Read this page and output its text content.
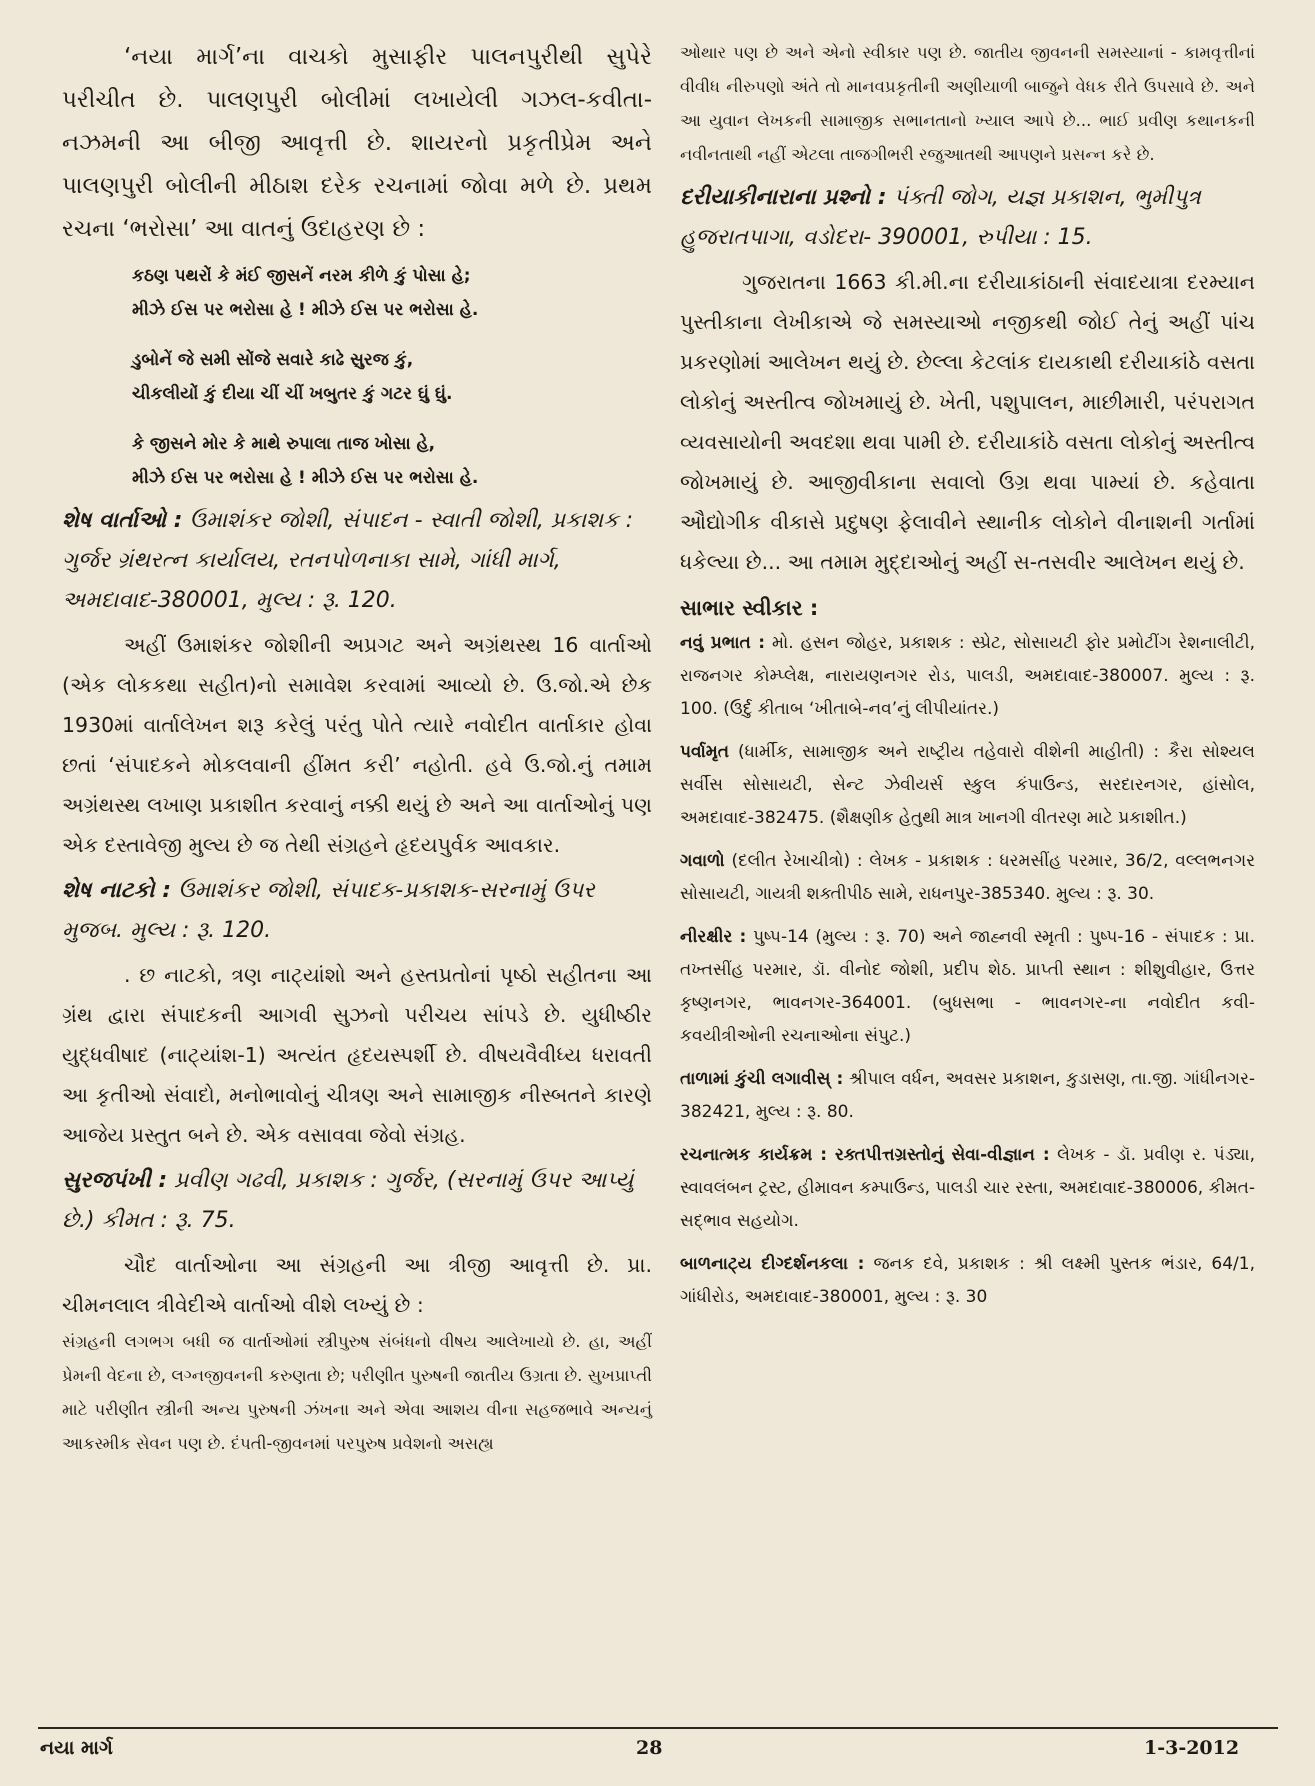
‘નયા માર્ગ’ના વાચકો મુસાફીર પાલનપુરીથી સુપેરે પરીચીત છે. પાલણપુરી બોલીમાં લખાયેલી ગઝલ-કવીતા-નઝમની આ બીજી આવૃત્તી છે. શાયરનો પ્રકૃતીપ્રેમ અને પાલણપુરી બોલીની મીઠાશ દરેક રચનામાં જોવા મળે છે. પ્રથમ રચના ‘ભરોસા’ આ વાતનું ઉદાહરણ છે :

કઠણ પથરોં કે મંઈ જીસનેં નરમ કીળે કું પોસા હે;
મીઝે ઈસ પર ભરોસા હે ! મીઝે ઈસ પર ભરોસા હે.
ડુબોનેં જે સમી સોંજે સવારે કાઢે સુરજ કું,
ચીકલીયોં કું દીયા ચીં ચીં ખબુતર કું ગટર ઘું ઘું.
કે જીસને મોર કે માથે રુપાલા તાજ ખોસા હે,
મીઝે ઈસ પર ભરોસા હે ! મીઝે ઈસ પર ભરોસા હે.

શેષ વાર્તાઓ : ઉમાશંકર જોશી, સંપાદન - સ્વાતી જોશી, પ્રકાશક : ગુર્જર ગ્રંથરત્ન કાર્યાલય, રતનપોળનાકા સામે, ગાંધી માર્ગ, અમદાવાદ-380001, મુલ્ય : રૂ. 120.

અહીં ઉમાશંકર જોશીની અપ્રગટ અને અગ્રંથસ્થ 16 વાર્તાઓ (એક લોકકથા સહીત)નો સમાવેશ કરવામાં આવ્યો છે. ઉ.જો.એ છેક 1930માં વાર્તાલેખન શરૂ કરેલું પરંતુ પોતે ત્યારે નવોદીત વાર્તાકાર હોવા છતાં ‘સંપાદકને મોકલવાની હીંમત કરી’ નહોતી. હવે ઉ.જો.નું તમામ અગ્રંથસ્થ લખાણ પ્રકાશીત કરવાનું નક્કી થયું છે અને આ વાર્તાઓનું પણ એક દસ્તાવેજી મુલ્ય છે જ તેથી સંગ્રહને હૃદયપુર્વક આવકાર.

શેષ નાટકો : ઉમાશંકર જોશી, સંપાદક-પ્રકાશક-સરનામું ઉપર મુજબ. મુલ્ય : રૂ. 120.

. છ નાટકો, ત્રણ નાટ્યાંશો અને હસ્તપ્રતોનાં પૃષ્ઠો સહીતના આ ગ્રંથ દ્વારા સંપાદકની આગવી સુઝનો પરીચય સાંપડે છે. યુધીષ્ઠીર યુદ્ધવીષાદ (નાટ્યાંશ-1) અત્યંત હૃદયસ્પર્શી છે. વીષયવૈવીધ્ય ધરાવતી આ કૃતીઓ સંવાદો, મનોભાવોનું ચીત્રણ અને સામાજીક નીસ્બતને કારણે આજેય પ્રસ્તુત બને છે. એક વસાવવા જેવો સંગ્રહ.

સુરજપંખી : પ્રવીણ ગઢવી, પ્રકાશક : ગુર્જર, (સરનામું ઉપર આપ્યું છે.) કીમત : રૂ. 75.

ચૌદ વાર્તાઓના આ સંગ્રહની આ ત્રીજી આવૃત્તી છે. પ્રા. ચીમનલાલ ત્રીવેદીએ વાર્તાઓ વીશે લખ્યું છે :

સંગ્રહની લગભગ બધી જ વાર્તાઓમાં સ્ત્રીપુરુષ સંબંધનો વીષય આલેખાયો છે. હા, અહીં પ્રેમની વેદના છે, લગ્નજીવનની કરુણતા છે; પરીણીત પુરુષની જાતીય ઉગ્રતા છે. સુખપ્રાપ્તી માટે પરીણીત સ્ત્રીની અન્ય પુરુષની ઝંખના અને એવા આશય વીના સહજભાવે અન્યનું આકસ્મીક સેવન પણ છે. દંપતી-જીવનમાં પરપુરુષ પ્રવેશનો અસહ્ય

ઓથાર પણ છે અને એનો સ્વીકાર પણ છે. જાતીય જીવનની સમસ્યાનાં - કામવૃત્તીનાં વીવીધ નીરુપણો અંતે તો માનવપ્રકૃતીની અણીયાળી બાજુને વેધક રીતે ઉપસાવે છે. અને આ યુવાન લેખકની સામાજીક સભાનતાનો ખ્યાલ આપે છે... ભાઈ પ્રવીણ કથાનકની નવીનતાથી નહીં એટલા તાજગીભરી રજુઆતથી આપણને પ્રસન્ન કરે છે.

દરીયાકીનારાના પ્રશ્નો : પંક્તી જોગ, યજ્ઞ પ્રકાશન, ભુમીપુત્ર હુજરાતપાગા, વડોદરા- 390001, રુપીયા : 15.

ગુજરાતના 1663 કી.મી.ના દરીયાકાંઠાની સંવાદયાત્રા દરમ્યાન પુસ્તીકાના લેખીકાએ જે સમસ્યાઓ નજીકથી જોઈ તેનું અહીં પાંચ પ્રકરણોમાં આલેખન થયું છે. છેલ્લા કેટલાંક દાયકાથી દરીયાકાંઠે વસતા લોકોનું અસ્તીત્વ જોખમાયું છે. ખેતી, પશુપાલન, માછીમારી, પરંપરાગત વ્યવસાયોની અવદશા થવા પામી છે. દરીયાકાંઠે વસતા લોકોનું અસ્તીત્વ જોખમાયું છે. આજીવીકાના સવાલો ઉગ્ર થવા પામ્યાં છે. કહેવાતા ઔદ્યોગીક વીકાસે પ્રદુષણ ફેલાવીને સ્થાનીક લોકોને વીનાશની ગર્તામાં ધકેલ્યા છે... આ તમામ મુદ્દાઓનું અહીં સ-તસવીર આલેખન થયું છે.

સાભાર સ્વીકાર :

નવું પ્રભાત : મો. હસન જોહર, પ્રકાશક : સ્પ્રેટ, સોસાયટી ફોર પ્રમોટીંગ રેશનાલીટી, રાજનગર કોમ્પ્લેક્ષ, નારાયણનગર રોડ, પાલડી, અમદાવાદ-380007. મુલ્ય : રૂ. 100. (ઉર્દુ કીતાબ ‘ખીતાબે-નવ’નું લીપીયાંતર.)

પર્વામૃત (ધાર્મીક, સામાજીક અને રાષ્ટ્રીય તહેવારો વીશેની માહીતી) : કૈરા સોશ્યલ સર્વીસ સોસાયટી, સેન્ટ ઝેવીયર્સ સ્કુલ કંપાઉન્ડ, સરદારનગર, હાંસોલ, અમદાવાદ-382475. (શૈક્ષણીક હેતુથી માત્ર ખાનગી વીતરણ માટે પ્રકાશીત.)

ગવાળો (દલીત રેખાચીત્રો) : લેખક - પ્રકાશક : ધરમસીંહ પરમાર, 36/2, વલ્લભનગર સોસાયટી, ગાયત્રી શક્તીપીઠ સામે, રાધનપુર-385340. મુલ્ય : રૂ. 30.

નીરક્ષીર : પુષ્પ-14 (મુલ્ય : રૂ. 70) અને જાહ્નવી સ્મૃતી : પુષ્પ-16 - સંપાદક : પ્રા. તખ્તસીંહ પરમાર, ડૉ. વીનોદ જોશી, પ્રદીપ શેઠ. પ્રાપ્તી સ્થાન : શીશુવીહાર, ઉત્તર કૃષ્ણનગર, ભાવનગર-364001. (બુધસભા - ભાવનગર-ના નવોદીત કવી-કવયીત્રીઓની રચનાઓના સંપુટ.)

તાળામાં કુંચી લગાવીસ્ : શ્રીપાલ વર્ધન, અવસર પ્રકાશન, કુડાસણ, તા.જી. ગાંધીનગર- 382421, મુલ્ય : રૂ. 80.

રચનાત્મક કાર્યક્રમ : રક્તપીત્તગ્રસ્તોનું સેવા-વીજ્ઞાન : લેખક - ડૉ. પ્રવીણ ર. પંડ્યા, સ્વાવલંબન ટ્રસ્ટ, હીમાવન કમ્પાઉન્ડ, પાલડી ચાર રસ્તા, અમદાવાદ-380006, કીમત- સદ્ભાવ સહયોગ.

બાળનાટ્ય દીગ્દર્શનકલા : જનક દવે, પ્રકાશક : શ્રી લક્ષ્મી પુસ્તક ભંડાર, 64/1, ગાંધીરોડ, અમદાવાદ-380001, મુલ્ય : રૂ. 30

નયા માર્ગ	28	1-3-2012
